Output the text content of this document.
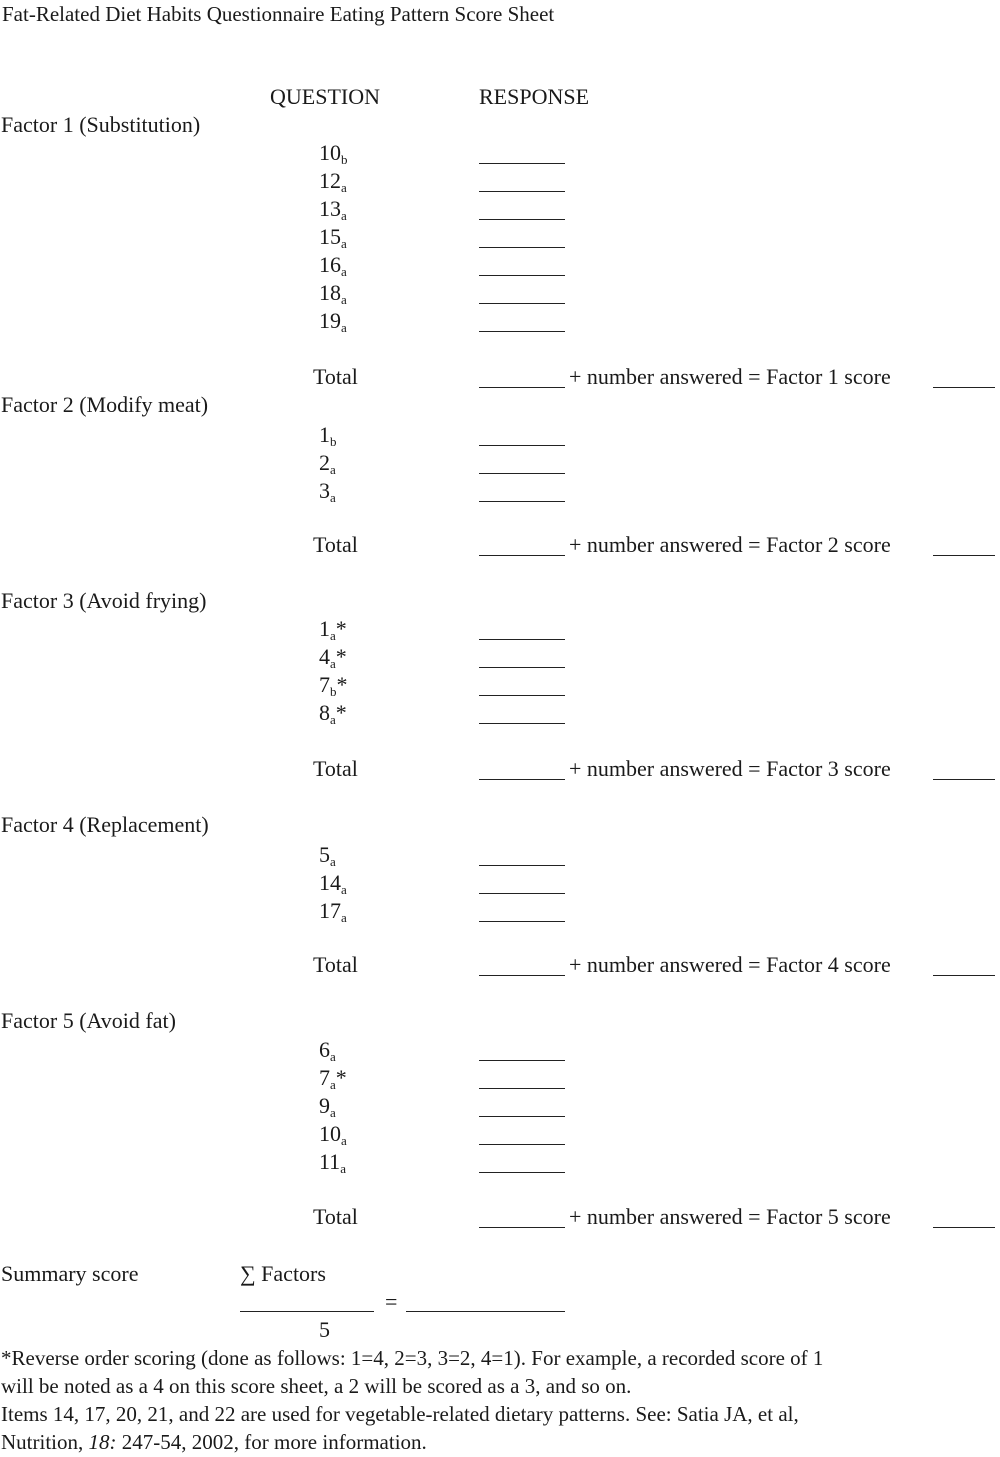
Fat-Related Diet Habits Questionnaire Eating Pattern Score Sheet
QUESTION	RESPONSE
Factor 1 (Substitution)
$10_b$
$12_a$
$13_a$
$15_a$
$16_a$
$18_a$
$19_a$
Total	+ number answered = Factor 1 score
Factor 2 (Modify meat)
$1_b$
$2_a$
$3_a$
Total	+ number answered = Factor 2 score
Factor 3 (Avoid frying)
$1_a*$
$4_a*$
$7_b*$
$8_a*$
Total	+ number answered = Factor 3 score
Factor 4 (Replacement)
$5_a$
$14_a$
$17_a$
Total	+ number answered = Factor 4 score
Factor 5 (Avoid fat)
$6_a$
$7_a*$
$9_a$
$10_a$
$11_a$
Total	+ number answered = Factor 5 score
Summary score	∑ Factors
=
5
*Reverse order scoring (done as follows: 1=4, 2=3, 3=2, 4=1). For example, a recorded score of 1
will be noted as a 4 on this score sheet, a 2 will be scored as a 3, and so on.
Items 14, 17, 20, 21, and 22 are used for vegetable-related dietary patterns. See: Satia JA, et al,
Nutrition, 18: 247-54, 2002, for more information.
